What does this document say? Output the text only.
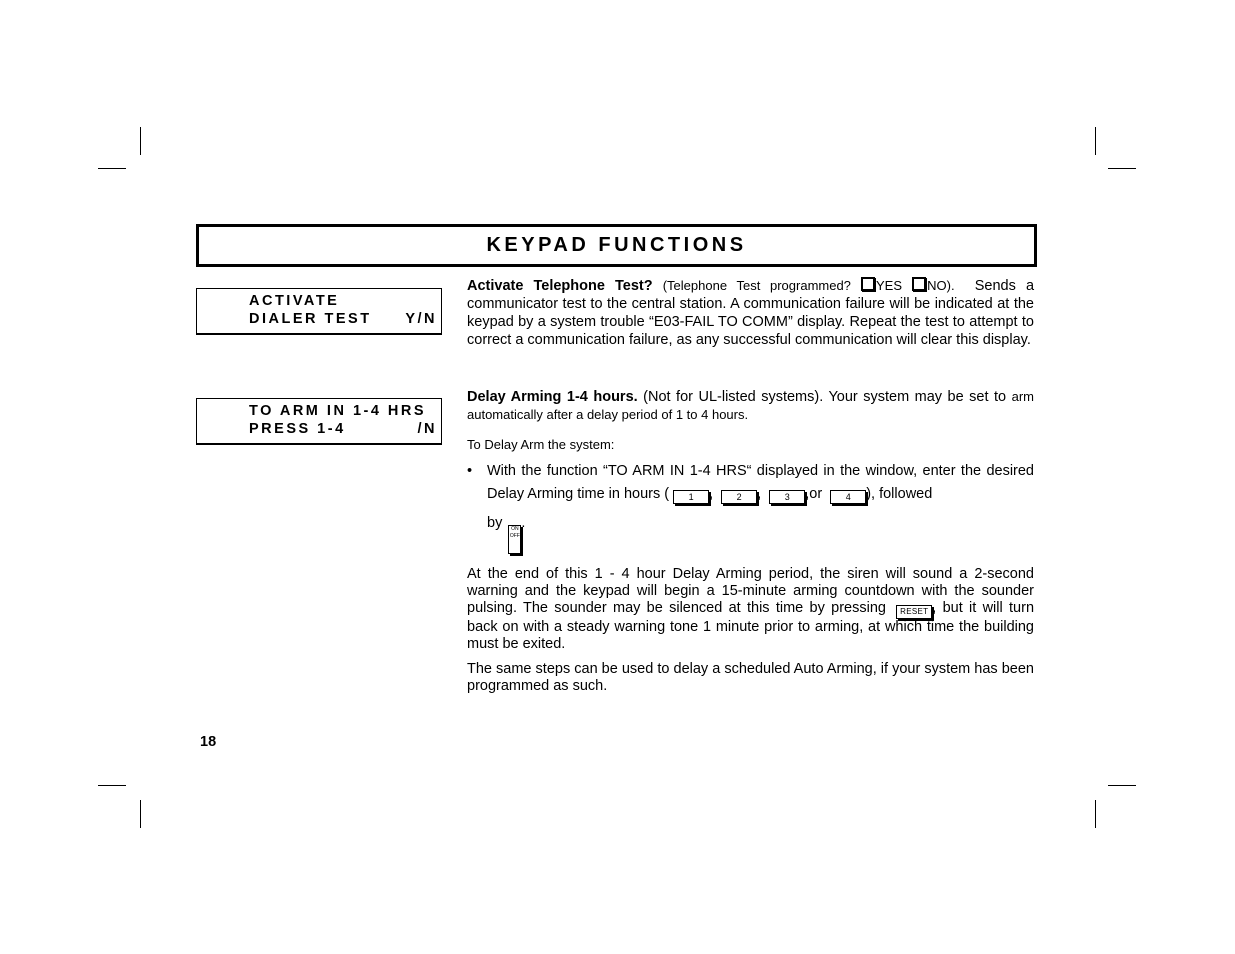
KEYPAD FUNCTIONS
ACTIVATE
DIALER TEST Y/N
TO ARM IN 1-4 HRS
PRESS 1-4	/N

Activate Telephone Test? (Telephone Test programmed? YES NO). Sends a communicator test to the central station. A communication failure will be indicated at the keypad by a system trouble “E03-FAIL TO COMM” display. Repeat the test to attempt to correct a communication failure, as any successful communication will clear this display.

Delay Arming 1-4 hours. (Not for UL-listed systems). Your system may be set to arm automatically after a delay period of 1 to 4 hours.

To Delay Arm the system:

• With the function “TO ARM IN 1-4 HRS“ displayed in the window, enter the desired Delay Arming time in hours ( 1 ,	2 ,	3 ,or	4 ), followed
by ON OFF.

At the end of this 1 - 4 hour Delay Arming period, the siren will sound a 2-second warning and the keypad will begin a 15-minute arming countdown with the sounder pulsing. The sounder may be silenced at this time by pressing RESET , but it will turn back on with a steady warning tone 1 minute prior to arming, at which time the building must be exited.

The same steps can be used to delay a scheduled Auto Arming, if your system has been programmed as such.

18
